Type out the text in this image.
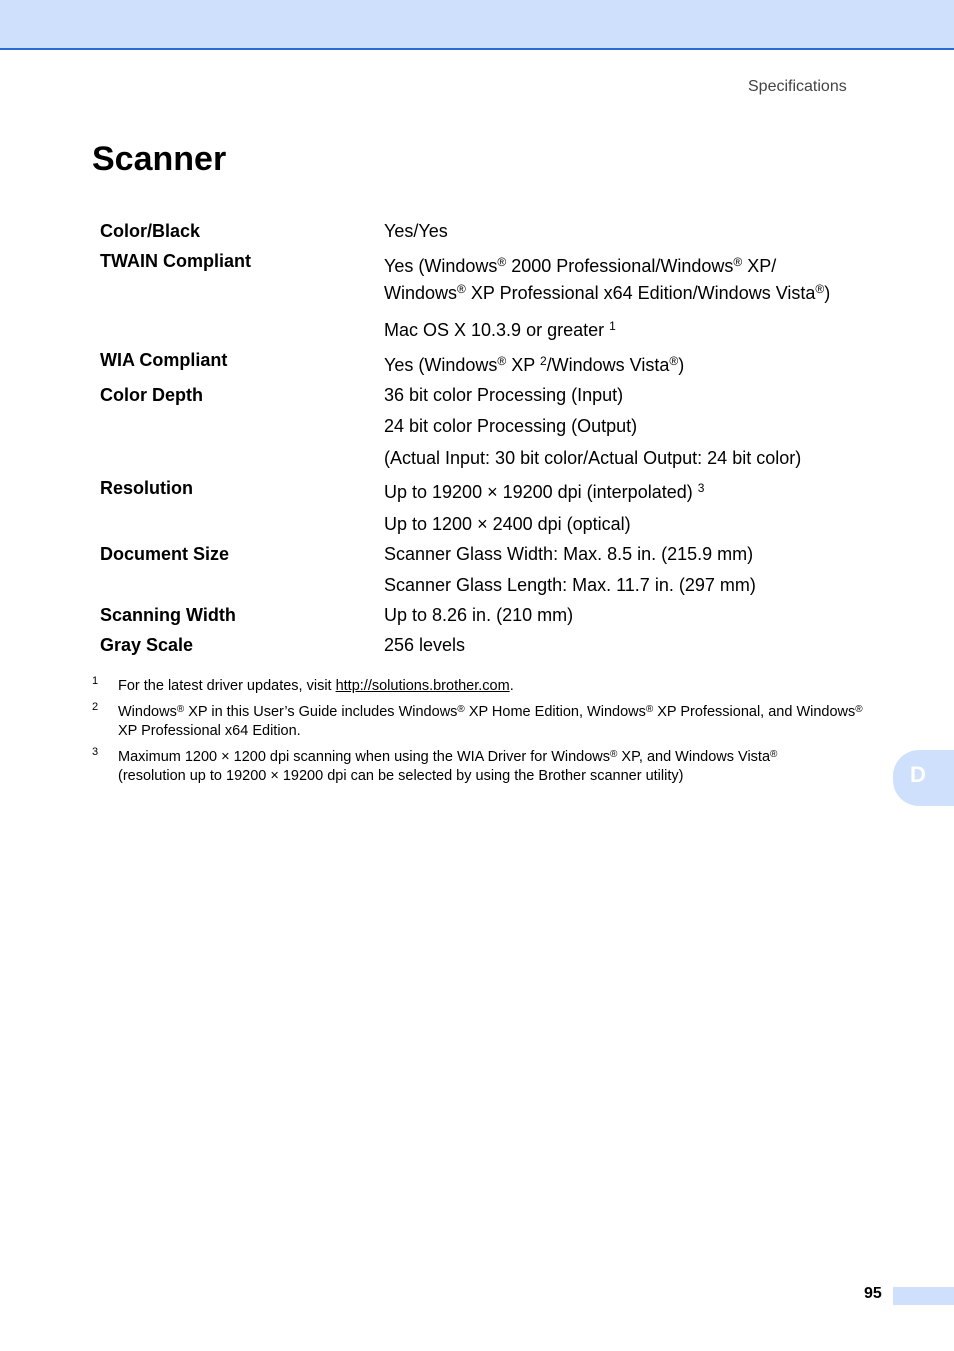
Specifications
Scanner
Color/Black	Yes/Yes
TWAIN Compliant	Yes (Windows® 2000 Professional/Windows® XP/
Windows® XP Professional x64 Edition/Windows Vista®)
Mac OS X 10.3.9 or greater $^1$
WIA Compliant	Yes (Windows® XP $^2$/Windows Vista®)
Color Depth	36 bit color Processing (Input)
24 bit color Processing (Output)
(Actual Input: 30 bit color/Actual Output: 24 bit color)
Resolution	Up to 19200 × 19200 dpi (interpolated) $^3$
Up to 1200 × 2400 dpi (optical)
Document Size	Scanner Glass Width: Max. 8.5 in. (215.9 mm)
Scanner Glass Length: Max. 11.7 in. (297 mm)
Scanning Width	Up to 8.26 in. (210 mm)
Gray Scale	256 levels
1 For the latest driver updates, visit http://solutions.brother.com.
2 Windows® XP in this User’s Guide includes Windows® XP Home Edition, Windows® XP Professional, and Windows®
XP Professional x64 Edition.
3 Maximum 1200 × 1200 dpi scanning when using the WIA Driver for Windows® XP, and Windows Vista®
(resolution up to 19200 × 19200 dpi can be selected by using the Brother scanner utility)	D
95
